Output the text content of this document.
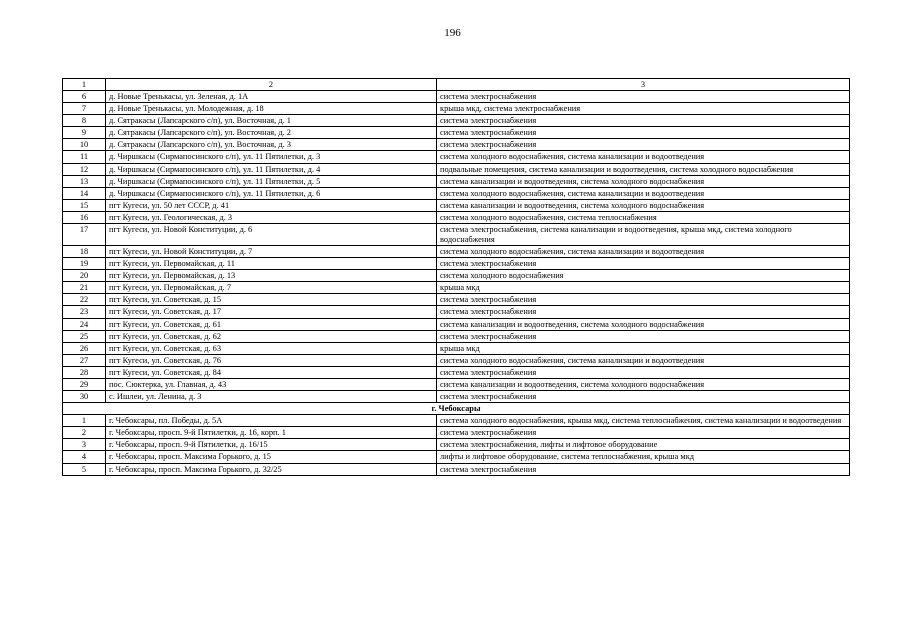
196
1	2	3
6	д. Новые Тренькасы, ул. Зеленая, д. 1А	система электроснабжения
7	д. Новые Тренькасы, ул. Молодежная, д. 18	крыша мкд, система электроснабжения
8	д. Сятракасы (Лапсарского с/п), ул. Восточная, д. 1	система электроснабжения
9	д. Сятракасы (Лапсарского с/п), ул. Восточная, д. 2	система электроснабжения
10	д. Сятракасы (Лапсарского с/п), ул. Восточная, д. 3	система электроснабжения
11	д. Чиршкасы (Сирмапосинского с/п), ул. 11 Пятилетки, д. 3	система холодного водоснабжения, система канализации и водоотведения
12	д. Чиршкасы (Сирмапосинского с/п), ул. 11 Пятилетки, д. 4	подвальные помещения, система канализации и водоотведения, система холодного водоснабжения
13	д. Чиршкасы (Сирмапосинского с/п), ул. 11 Пятилетки, д. 5	система канализации и водоотведения, система холодного водоснабжения
14	д. Чиршкасы (Сирмапосинского с/п), ул. 11 Пятилетки, д. 6	система холодного водоснабжения, система канализации и водоотведения
15	пгт Кугеси, ул. 50 лет СССР, д. 41	система канализации и водоотведения, система холодного водоснабжения
16	пгт Кугеси, ул. Геологическая, д. 3	система холодного водоснабжения, система теплоснабжения
17	пгт Кугеси, ул. Новой Конституции, д. 6	система электроснабжения, система канализации и водоотведения, крыша мкд, система холодного водоснабжения
18	пгт Кугеси, ул. Новой Конституции, д. 7	система холодного водоснабжения, система канализации и водоотведения
19	пгт Кугеси, ул. Первомайская, д. 11	система электроснабжения
20	пгт Кугеси, ул. Первомайская, д. 13	система холодного водоснабжения
21	пгт Кугеси, ул. Первомайская, д. 7	крыша мкд
22	пгт Кугеси, ул. Советская, д. 15	система электроснабжения
23	пгт Кугеси, ул. Советская, д. 17	система электроснабжения
24	пгт Кугеси, ул. Советская, д. 61	система канализации и водоотведения, система холодного водоснабжения
25	пгт Кугеси, ул. Советская, д. 62	система электроснабжения
26	пгт Кугеси, ул. Советская, д. 63	крыша мкд
27	пгт Кугеси, ул. Советская, д. 76	система холодного водоснабжения, система канализации и водоотведения
28	пгт Кугеси, ул. Советская, д. 84	система электроснабжения
29	пос. Сюктерка, ул. Главная, д. 43	система канализации и водоотведения, система холодного водоснабжения
30	с. Ишлеи, ул. Ленина, д. 3	система электроснабжения
г. Чебоксары		
1	г. Чебоксары, пл. Победы, д. 5А	система холодного водоснабжения, крыша мкд, система теплоснабжения, система канализации и водоотведения
2	г. Чебоксары, просп. 9-й Пятилетки, д. 16, корп. 1	система электроснабжения
3	г. Чебоксары, просп. 9-й Пятилетки, д. 16/15	система электроснабжения, лифты и лифтовое оборудование
4	г. Чебоксары, просп. Максима Горького, д. 15	лифты и лифтовое оборудование, система теплоснабжения, крыша мкд
5	г. Чебоксары, просп. Максима Горького, д. 32/25	система электроснабжения
